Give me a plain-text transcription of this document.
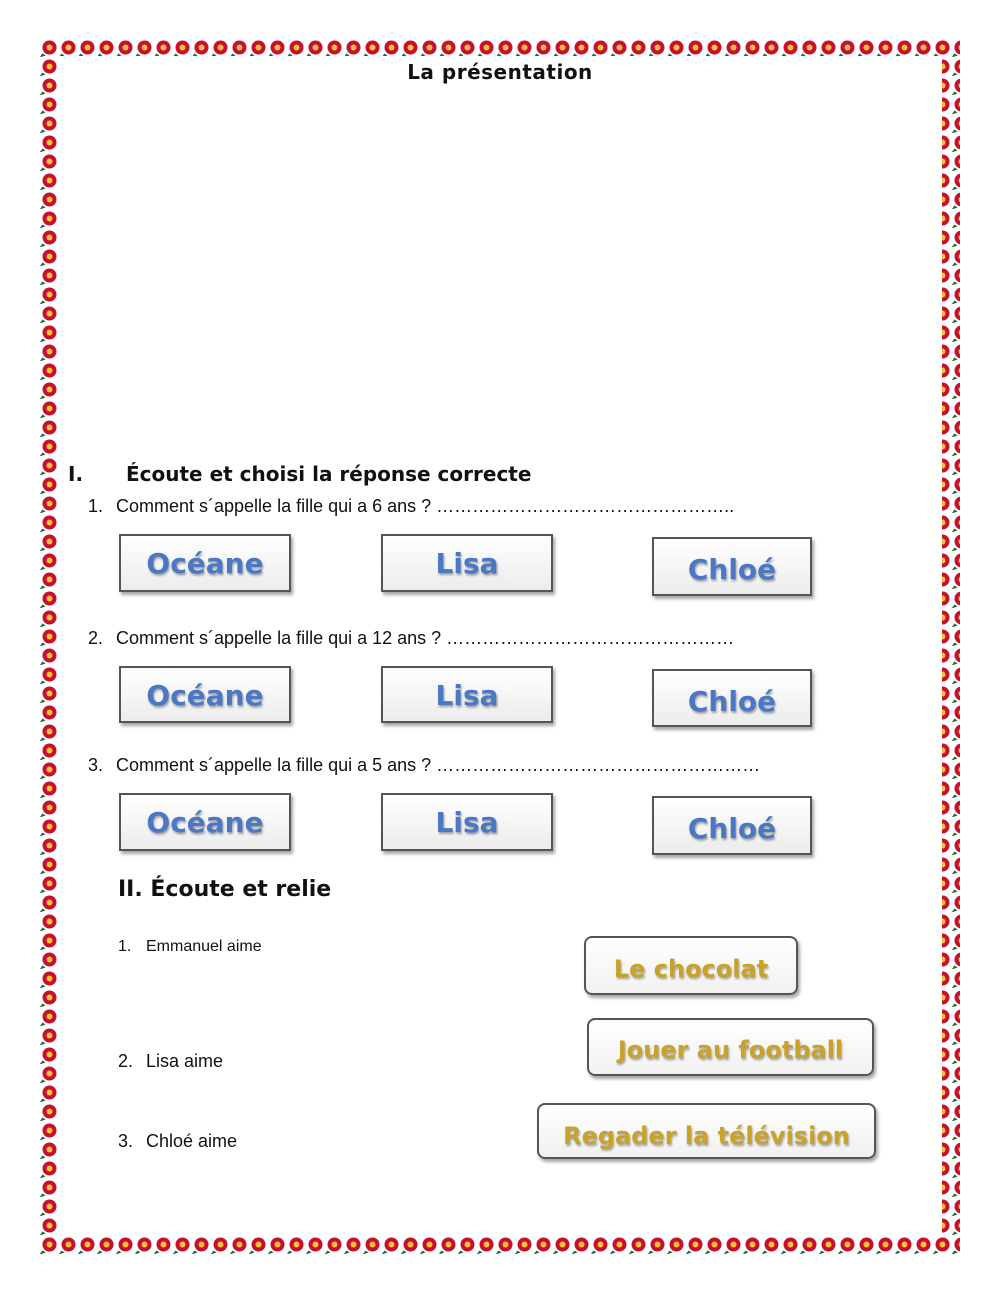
La présentation
I. Écoute et choisi la réponse correcte
1. Comment s´appelle la fille qui a 6 ans ? …………………………………………..
Océane	Lisa	Chloé
2. Comment s´appelle la fille qui a 12 ans ? …………………………………………
Océane	Lisa	Chloé
3. Comment s´appelle la fille qui a 5 ans ? ………………………………………………
Océane	Lisa	Chloé
II. Écoute et relie
1. Emmanuel aime
2. Lisa aime
3. Chloé aime
Le chocolat
Jouer au football
Regader la télévision
